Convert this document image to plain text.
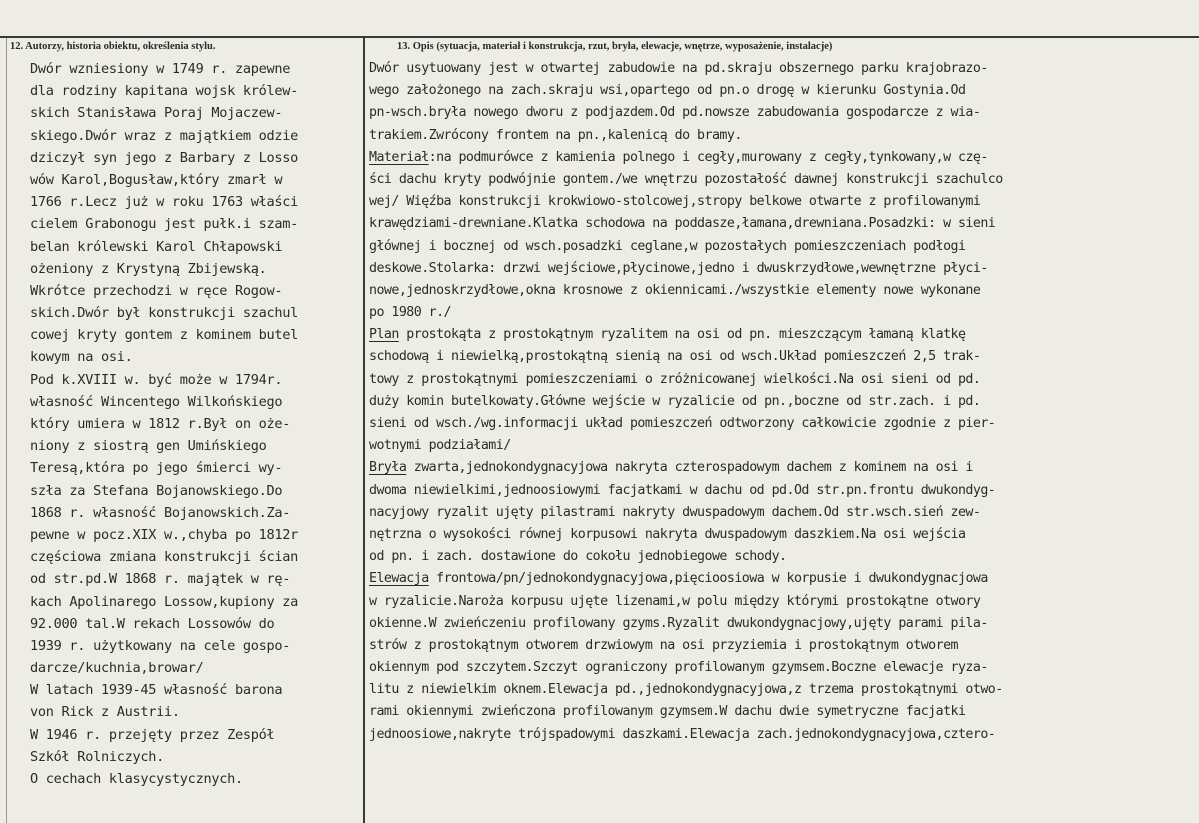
12. Autorzy, historia obiektu, określenia stylu.	13. Opis (sytuacja, materiał i konstrukcja, rzut, bryła, elewacje, wnętrze, wyposażenie, instalacje)
Dwór wzniesiony w 1749 r. zapewne
dla rodziny kapitana wojsk królew-
skich Stanisława Poraj Mojaczew-
skiego.Dwór wraz z majątkiem odzie
dziczył syn jego z Barbary z Losso
wów Karol,Bogusław,który zmarł w
1766 r.Lecz już w roku 1763 właści
cielem Grabonogu jest pułk.i szam-
belan królewski Karol Chłapowski
ożeniony z Krystyną Zbijewską.
Wkrótce przechodzi w ręce Rogow-
skich.Dwór był konstrukcji szachul
cowej kryty gontem z kominem butel
kowym na osi.
Pod k.XVIII w. być może w 1794r.
własność Wincentego Wilkońskiego
który umiera w 1812 r.Był on oże-
niony z siostrą gen Umińskiego
Teresą,która po jego śmierci wy-
szła za Stefana Bojanowskiego.Do
1868 r. własność Bojanowskich.Za-
pewne w pocz.XIX w.,chyba po 1812r
częściowa zmiana konstrukcji ścian
od str.pd.W 1868 r. majątek w rę-
kach Apolinarego Lossow,kupiony za
92.000 tal.W rekach Lossowów do
1939 r. użytkowany na cele gospo-
darcze/kuchnia,browar/
W latach 1939-45 własność barona
von Rick z Austrii.
W 1946 r. przejęty przez Zespół
Szkół Rolniczych.
O cechach klasycystycznych.
Dwór usytuowany jest w otwartej zabudowie na pd.skraju obszernego parku krajobrazo-
wego założonego na zach.skraju wsi,opartego od pn.o drogę w kierunku Gostynia.Od
pn-wsch.bryła nowego dworu z podjazdem.Od pd.nowsze zabudowania gospodarcze z wia-
trakiem.Zwrócony frontem na pn.,kalenicą do bramy.
Materiał:na podmurówce z kamienia polnego i cegły,murowany z cegły,tynkowany,w czę-
ści dachu kryty podwójnie gontem./we wnętrzu pozostałość dawnej konstrukcji szachulco
wej/ Więźba konstrukcji krokwiowo-stolcowej,stropy belkowe otwarte z profilowanymi
krawędziami-drewniane.Klatka schodowa na poddasze,łamana,drewniana.Posadzki: w sieni
głównej i bocznej od wsch.posadzki ceglane,w pozostałych pomieszczeniach podłogi
deskowe.Stolarka: drzwi wejściowe,płycinowe,jedno i dwuskrzydłowe,wewnętrzne płyci-
nowe,jednoskrzydłowe,okna krosnowe z okiennicami./wszystkie elementy nowe wykonane
po 1980 r./
Plan prostokąta z prostokątnym ryzalitem na osi od pn. mieszczącym łamaną klatkę
schodową i niewielką,prostokątną sienią na osi od wsch.Układ pomieszczeń 2,5 trak-
towy z prostokątnymi pomieszczeniami o zróżnicowanej wielkości.Na osi sieni od pd.
duży komin butelkowaty.Główne wejście w ryzalicie od pn.,boczne od str.zach. i pd.
sieni od wsch./wg.informacji układ pomieszczeń odtworzony całkowicie zgodnie z pier-
wotnymi podziałami/
Bryła zwarta,jednokondygnacyjowa nakryta czterospadowym dachem z kominem na osi i
dwoma niewielkimi,jednoosiowymi facjatkami w dachu od pd.Od str.pn.frontu dwukondyg-
nacyjowy ryzalit ujęty pilastrami nakryty dwuspadowym dachem.Od str.wsch.sień zew-
nętrzna o wysokości równej korpusowi nakryta dwuspadowym daszkiem.Na osi wejścia
od pn. i zach. dostawione do cokołu jednobiegowe schody.
Elewacja frontowa/pn/jednokondygnacyjowa,pięcioosiowa w korpusie i dwukondygnacjowa
w ryzalicie.Naroża korpusu ujęte lizenami,w polu między którymi prostokątne otwory
okienne.W zwieńczeniu profilowany gzyms.Ryzalit dwukondygnacjowy,ujęty parami pila-
strów z prostokątnym otworem drzwiowym na osi przyziemia i prostokątnym otworem
okiennym pod szczytem.Szczyt ograniczony profilowanym gzymsem.Boczne elewacje ryza-
litu z niewielkim oknem.Elewacja pd.,jednokondygnacyjowa,z trzema prostokątnymi otwo-
rami okiennymi zwieńczona profilowanym gzymsem.W dachu dwie symetryczne facjatki
jednoosiowe,nakryte trójspadowymi daszkami.Elewacja zach.jednokondygnacyjowa,cztero-
